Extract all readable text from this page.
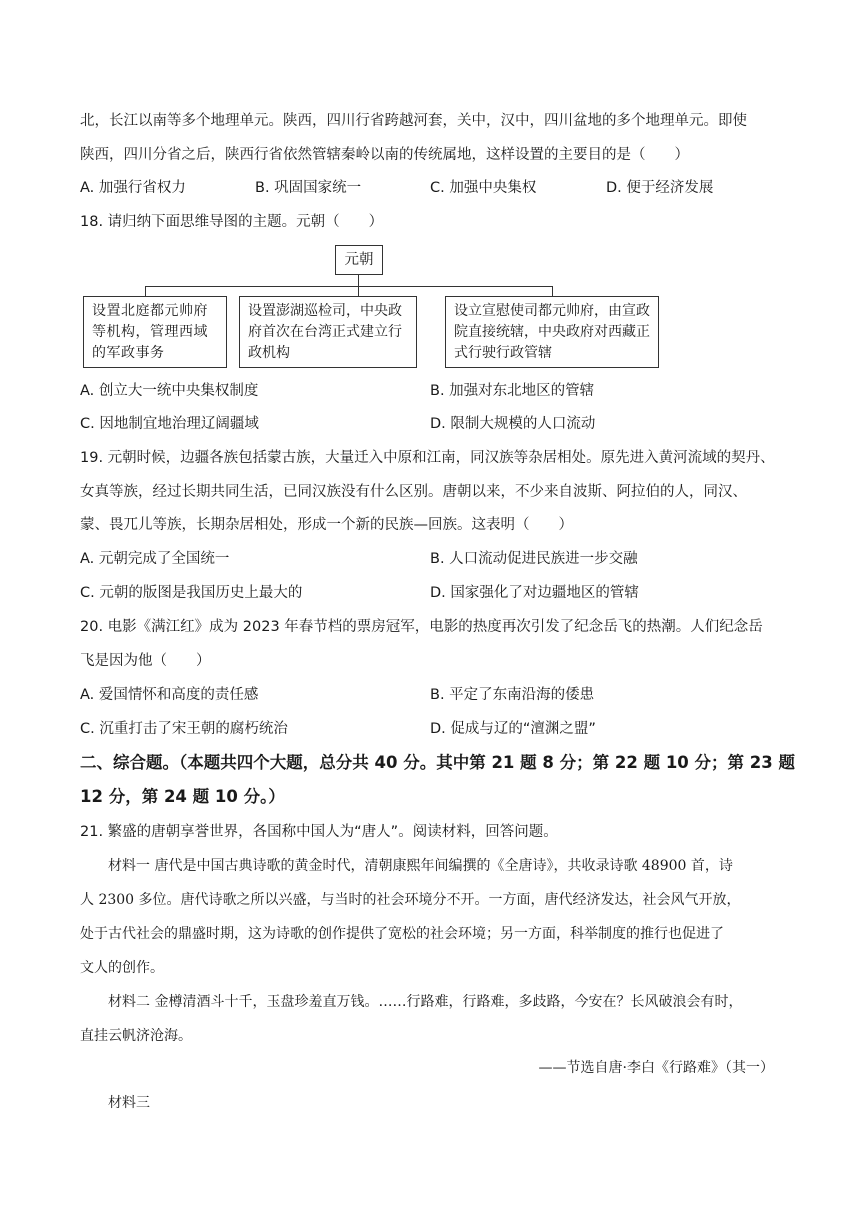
北，长江以南等多个地理单元。陕西，四川行省跨越河套，关中，汉中，四川盆地的多个地理单元。即使
陕西，四川分省之后，陕西行省依然管辖秦岭以南的传统属地，这样设置的主要目的是（　　）
A. 加强行省权力	B. 巩固国家统一	C. 加强中央集权	D. 便于经济发展
18. 请归纳下面思维导图的主题。元朝（　　）
元朝
设置北庭都元帅府等机构，管理西域的军政事务
设置澎湖巡检司，中央政府首次在台湾正式建立行政机构
设立宣慰使司都元帅府，由宣政院直接统辖，中央政府对西藏正式行驶行政管辖
A. 创立大一统中央集权制度	B. 加强对东北地区的管辖
C. 因地制宜地治理辽阔疆域	D. 限制大规模的人口流动
19. 元朝时候，边疆各族包括蒙古族，大量迁入中原和江南，同汉族等杂居相处。原先进入黄河流域的契丹、
女真等族，经过长期共同生活，已同汉族没有什么区别。唐朝以来，不少来自波斯、阿拉伯的人，同汉、
蒙、畏兀儿等族，长期杂居相处，形成一个新的民族—回族。这表明（　　）
A. 元朝完成了全国统一	B. 人口流动促进民族进一步交融
C. 元朝的版图是我国历史上最大的	D. 国家强化了对边疆地区的管辖
20. 电影《满江红》成为 2023 年春节档的票房冠军，电影的热度再次引发了纪念岳飞的热潮。人们纪念岳
飞是因为他（　　）
A. 爱国情怀和高度的责任感	B. 平定了东南沿海的倭患
C. 沉重打击了宋王朝的腐朽统治	D. 促成与辽的“澶渊之盟”
二、综合题。（本题共四个大题，总分共 40 分。其中第 21 题 8 分；第 22 题 10 分；第 23 题
12 分，第 24 题 10 分。）
21. 繁盛的唐朝享誉世界，各国称中国人为“唐人”。阅读材料，回答问题。
材料一 唐代是中国古典诗歌的黄金时代，清朝康熙年间编撰的《全唐诗》，共收录诗歌 48900 首，诗
人 2300 多位。唐代诗歌之所以兴盛，与当时的社会环境分不开。一方面，唐代经济发达，社会风气开放，
处于古代社会的鼎盛时期，这为诗歌的创作提供了宽松的社会环境；另一方面，科举制度的推行也促进了
文人的创作。
材料二 金樽清酒斗十千，玉盘珍羞直万钱。……行路难，行路难，多歧路，今安在？长风破浪会有时，
直挂云帆济沧海。
——节选自唐·李白《行路难》（其一）
材料三
